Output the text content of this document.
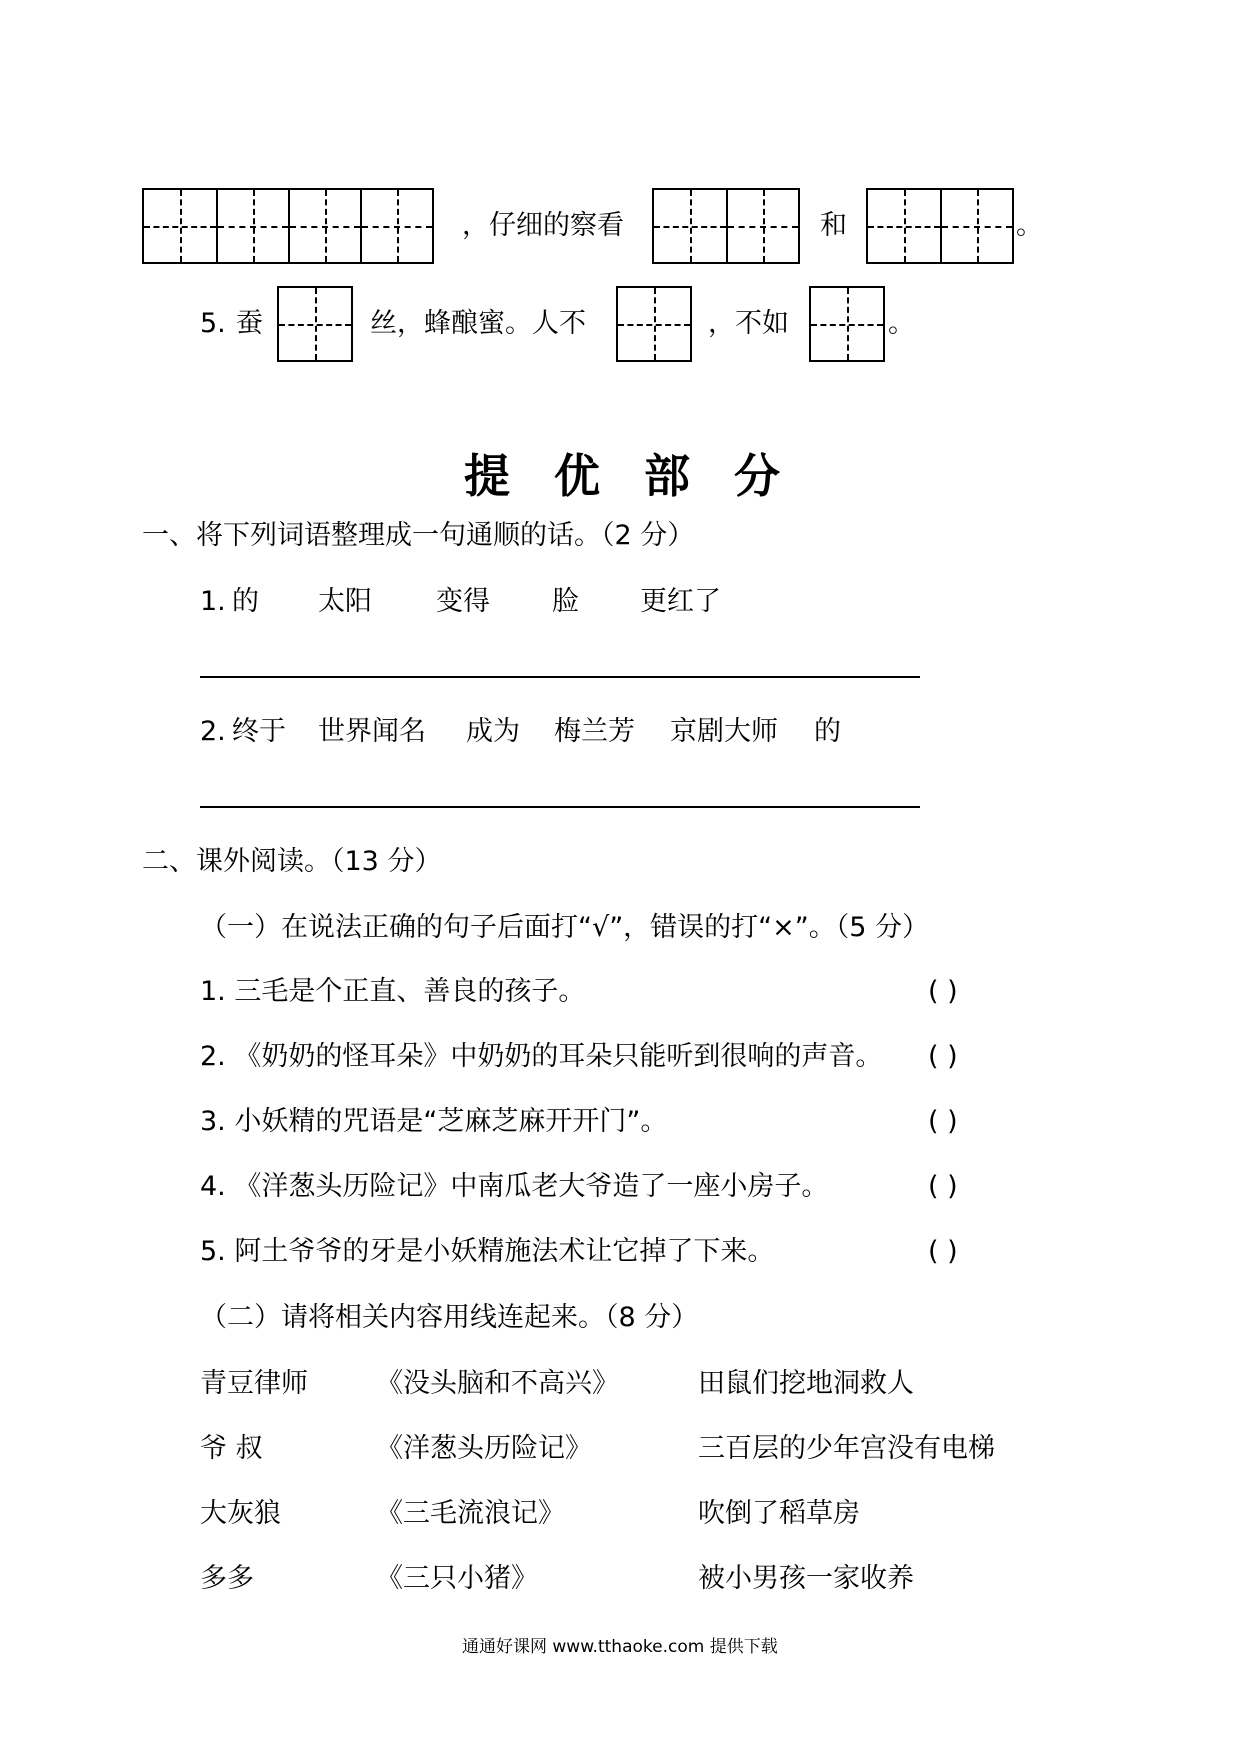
，仔细的察看	和	。
5. 蚕	丝，蜂酿蜜。人不	，不如	。
提优部分
一、将下列词语整理成一句通顺的话。（2 分）
1. 的 太阳 变得 脸 更红了
2. 终于 世界闻名 成为 梅兰芳 京剧大师 的
二、课外阅读。（13 分）
（一）在说法正确的句子后面打“√”，错误的打“×”。（5 分）
1. 三毛是个正直、善良的孩子。	( )
2. 《奶奶的怪耳朵》中奶奶的耳朵只能听到很响的声音。 ( )
3. 小妖精的咒语是“芝麻芝麻开开门”。	( )
4. 《洋葱头历险记》中南瓜老大爷造了一座小房子。	( )
5. 阿土爷爷的牙是小妖精施法术让它掉了下来。	( )
（二）请将相关内容用线连起来。（8 分）
青豆律师	《没头脑和不高兴》	田鼠们挖地洞救人
爷 叔	《洋葱头历险记》	三百层的少年宫没有电梯
大灰狼	《三毛流浪记》	吹倒了稻草房
多多	《三只小猪》	被小男孩一家收养
通通好课网 www.tthaoke.com 提供下载
